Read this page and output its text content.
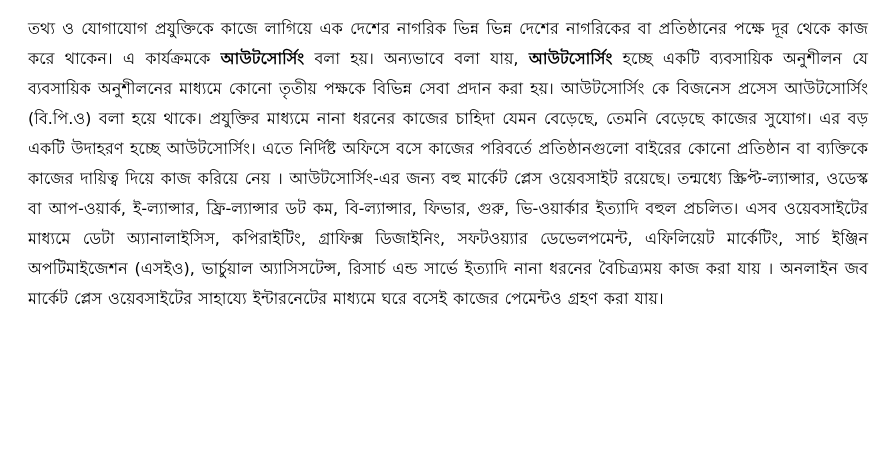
তথ্য ও যোগাযোগ প্রযুক্তিকে কাজে লাগিয়ে এক দেশের নাগরিক ভিন্ন ভিন্ন দেশের নাগরিকের বা প্রতিষ্ঠানের পক্ষে দূর থেকে কাজ করে থাকেন। এ কার্যক্রমকে আউটসোর্সিং বলা হয়। অন্যভাবে বলা যায়, আউটসোর্সিং হচ্ছে একটি ব্যবসায়িক অনুশীলন যে ব্যবসায়িক অনুশীলনের মাধ্যমে কোনো তৃতীয় পক্ষকে বিভিন্ন সেবা প্রদান করা হয়। আউটসোর্সিং কে বিজনেস প্রসেস আউটসোর্সিং (বি.পি.ও) বলা হয়ে থাকে। প্রযুক্তির মাধ্যমে নানা ধরনের কাজের চাহিদা যেমন বেড়েছে, তেমনি বেড়েছে কাজের সুযোগ। এর বড় একটি উদাহরণ হচ্ছে আউটসোর্সিং। এতে নির্দিষ্ট অফিসে বসে কাজের পরিবর্তে প্রতিষ্ঠানগুলো বাইরের কোনো প্রতিষ্ঠান বা ব্যক্তিকে কাজের দায়িত্ব দিয়ে কাজ করিয়ে নেয় । আউটসোর্সিং-এর জন্য বহু মার্কেট প্লেস ওয়েবসাইট রয়েছে। তন্মধ্যে স্ক্রিপ্ট-ল্যান্সার, ওডেস্ক বা আপ-ওয়ার্ক, ই-ল্যান্সার, ফ্রি-ল্যান্সার ডট কম, বি-ল্যান্সার, ফিভার, গুরু, ভি-ওয়ার্কার ইত্যাদি বহুল প্রচলিত। এসব ওয়েবসাইটের মাধ্যমে ডেটা অ্যানালাইসিস, কপিরাইটিং, গ্রাফিক্স ডিজাইনিং, সফটওয়্যার ডেভেলপমেন্ট, এফিলিয়েট মার্কেটিং, সার্চ ইঞ্জিন অপটিমাইজেশন (এসইও), ভার্চুয়াল অ্যাসিসটেন্স, রিসার্চ এন্ড সার্ভে ইত্যাদি নানা ধরনের বৈচিত্র্যময় কাজ করা যায় । অনলাইন জব মার্কেট প্লেস ওয়েবসাইটের সাহায্যে ইন্টারনেটের মাধ্যমে ঘরে বসেই কাজের পেমেন্টও গ্রহণ করা যায়।
